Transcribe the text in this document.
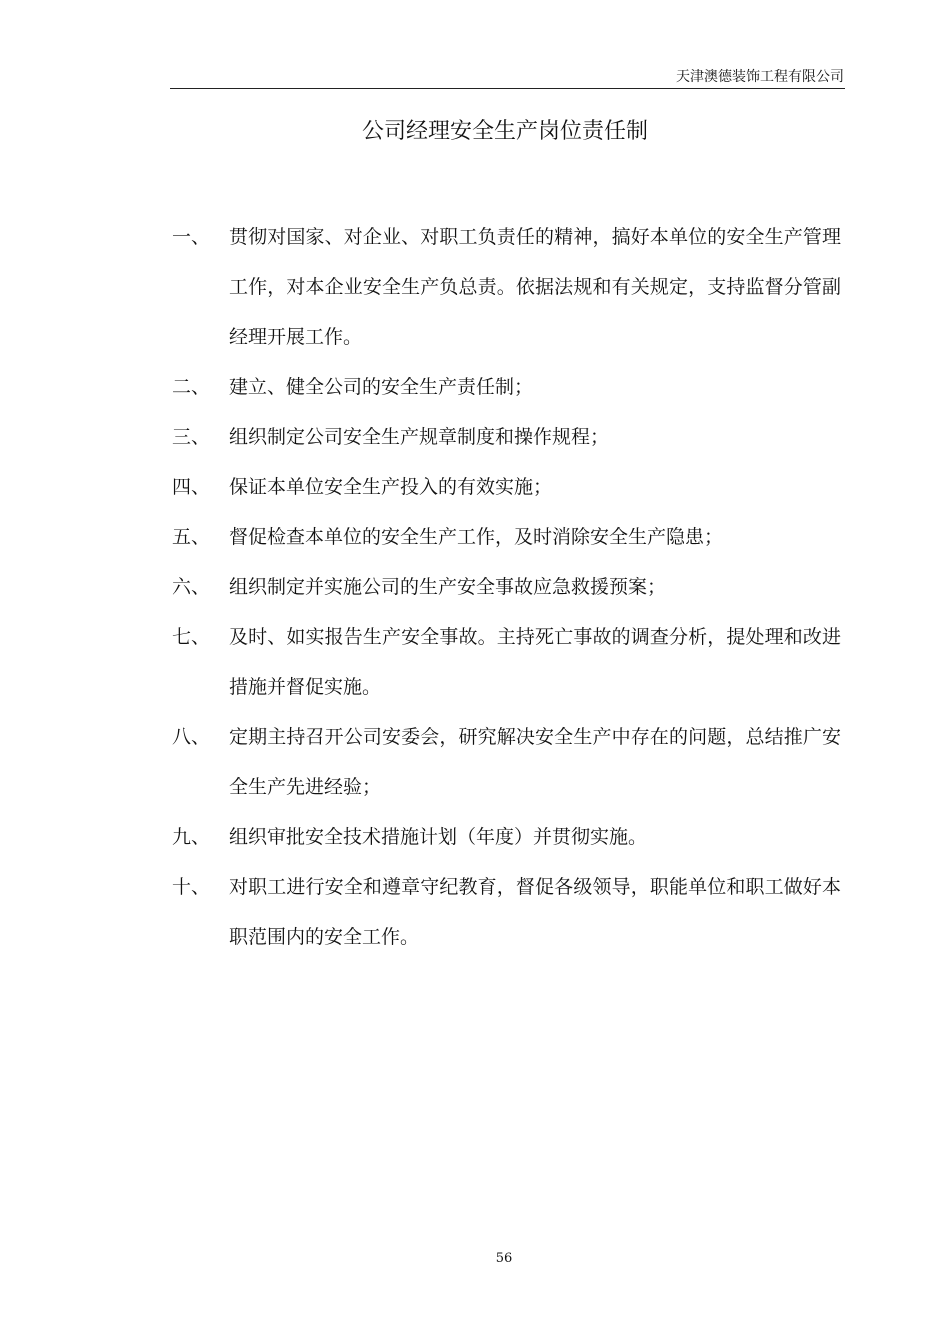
天津澳德装饰工程有限公司
公司经理安全生产岗位责任制
一、 贯彻对国家、对企业、对职工负责任的精神，搞好本单位的安全生产管理工作，对本企业安全生产负总责。依据法规和有关规定，支持监督分管副经理开展工作。
二、 建立、健全公司的安全生产责任制；
三、 组织制定公司安全生产规章制度和操作规程；
四、 保证本单位安全生产投入的有效实施；
五、 督促检查本单位的安全生产工作，及时消除安全生产隐患；
六、 组织制定并实施公司的生产安全事故应急救援预案；
七、 及时、如实报告生产安全事故。主持死亡事故的调查分析，提处理和改进措施并督促实施。
八、 定期主持召开公司安委会，研究解决安全生产中存在的问题，总结推广安全生产先进经验；
九、 组织审批安全技术措施计划（年度）并贯彻实施。
十、 对职工进行安全和遵章守纪教育，督促各级领导，职能单位和职工做好本职范围内的安全工作。
56
